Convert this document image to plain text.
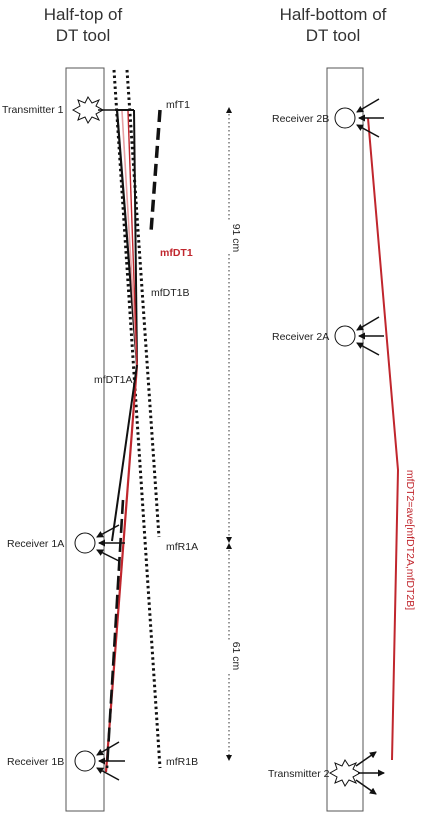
Half-top of
DT tool
Half-bottom of
DT tool
Transmitter 1
Receiver 1A
Receiver 1B
mfT1
mfDT1
mfDT1B
mfDT1A
mfR1A
mfR1B
91 cm
61 cm
Receiver 2B
Receiver 2A
Transmitter 2
mfDT2=ave[mfDT2A,mfDT2B]
